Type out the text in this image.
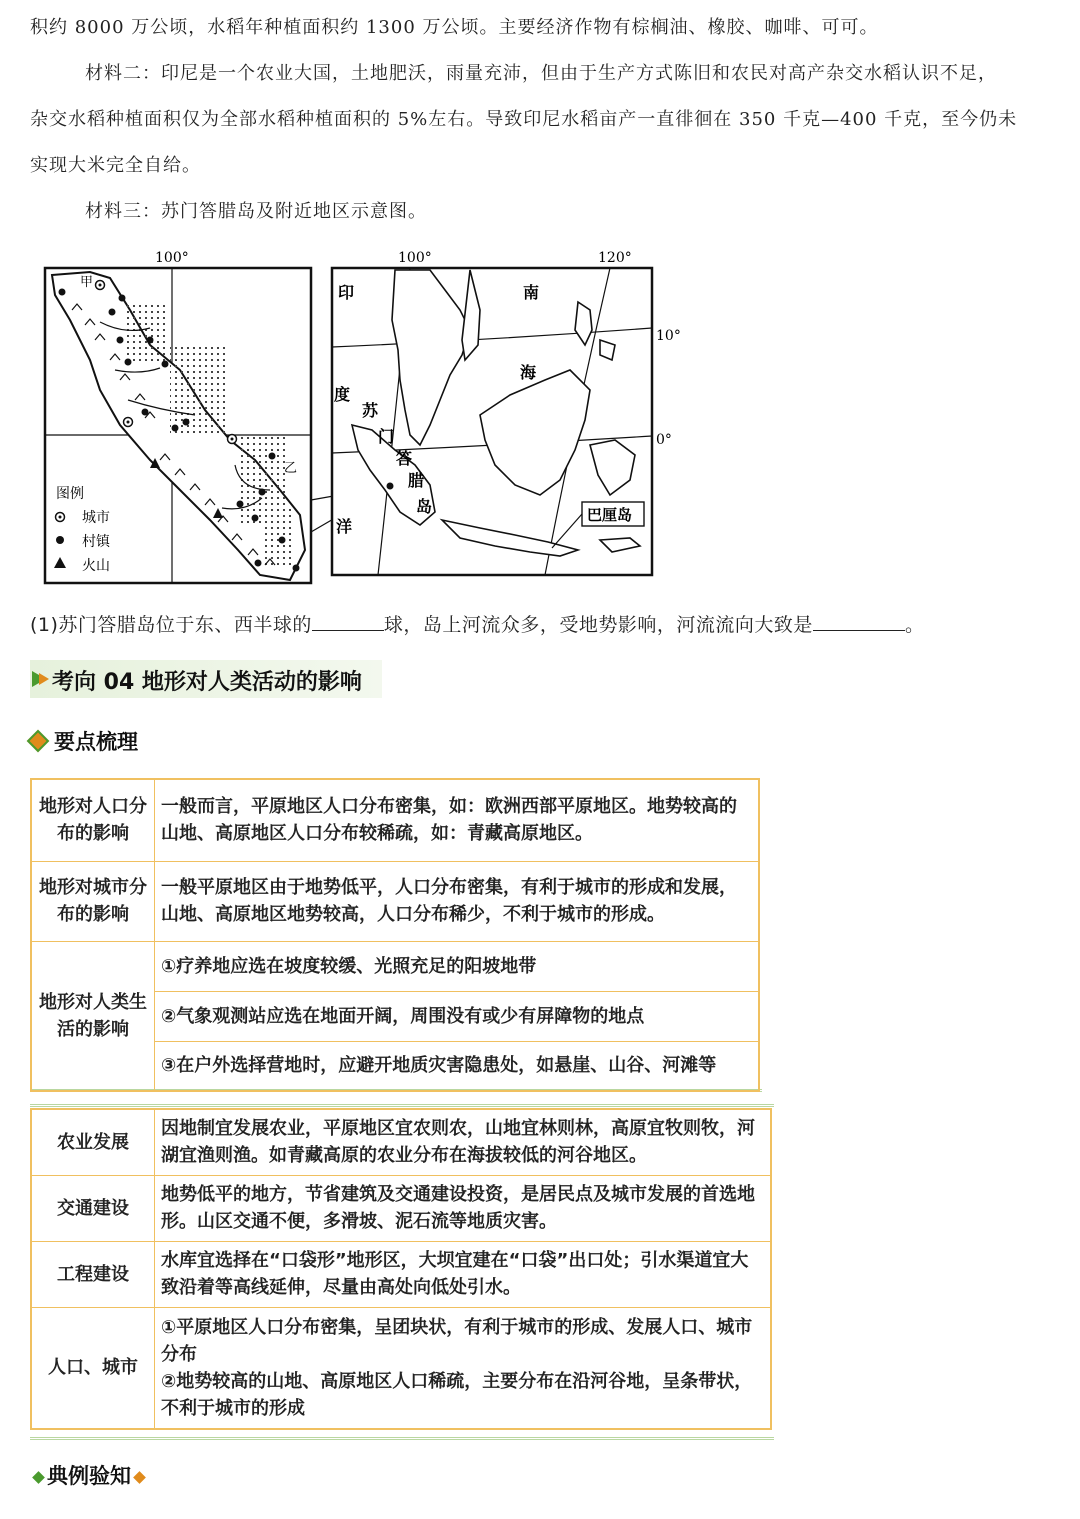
积约 8000 万公顷，水稻年种植面积约 1300 万公顷。主要经济作物有棕榈油、橡胶、咖啡、可可。
材料二：印尼是一个农业大国，土地肥沃，雨量充沛，但由于生产方式陈旧和农民对高产杂交水稻认识不足，
杂交水稻种植面积仅为全部水稻种植面积的 5%左右。导致印尼水稻亩产一直徘徊在 350 千克—400 千克，至今仍未
实现大米完全自给。
材料三：苏门答腊岛及附近地区示意图。
100°
甲
乙
图例
城市
村镇
火山
100°	120°
10°
0°
印
度
洋
南
海
苏
门
答
腊
岛	巴厘岛
(1)苏门答腊岛位于东、西半球的	球，岛上河流众多，受地势影响，河流流向大致是	。
考向 04 地形对人类活动的影响
要点梳理
地形对人口分布的影响	一般而言，平原地区人口分布密集，如：欧洲西部平原地区。地势较高的山地、高原地区人口分布较稀疏，如：青藏高原地区。
地形对城市分布的影响	一般平原地区由于地势低平，人口分布密集，有利于城市的形成和发展，山地、高原地区地势较高，人口分布稀少，不利于城市的形成。
地形对人类生活的影响	①疗养地应选在坡度较缓、光照充足的阳坡地带
	②气象观测站应选在地面开阔，周围没有或少有屏障物的地点
	③在户外选择营地时，应避开地质灾害隐患处，如悬崖、山谷、河滩等
农业发展	因地制宜发展农业，平原地区宜农则农，山地宜林则林，高原宜牧则牧，河湖宜渔则渔。如青藏高原的农业分布在海拔较低的河谷地区。
交通建设	地势低平的地方，节省建筑及交通建设投资，是居民点及城市发展的首选地形。山区交通不便，多滑坡、泥石流等地质灾害。
工程建设	水库宜选择在“口袋形”地形区，大坝宜建在“口袋”出口处；引水渠道宜大致沿着等高线延伸，尽量由高处向低处引水。
人口、城市	①平原地区人口分布密集，呈团块状，有利于城市的形成、发展人口、城市分布
②地势较高的山地、高原地区人口稀疏，主要分布在沿河谷地，呈条带状，不利于城市的形成
典例验知
